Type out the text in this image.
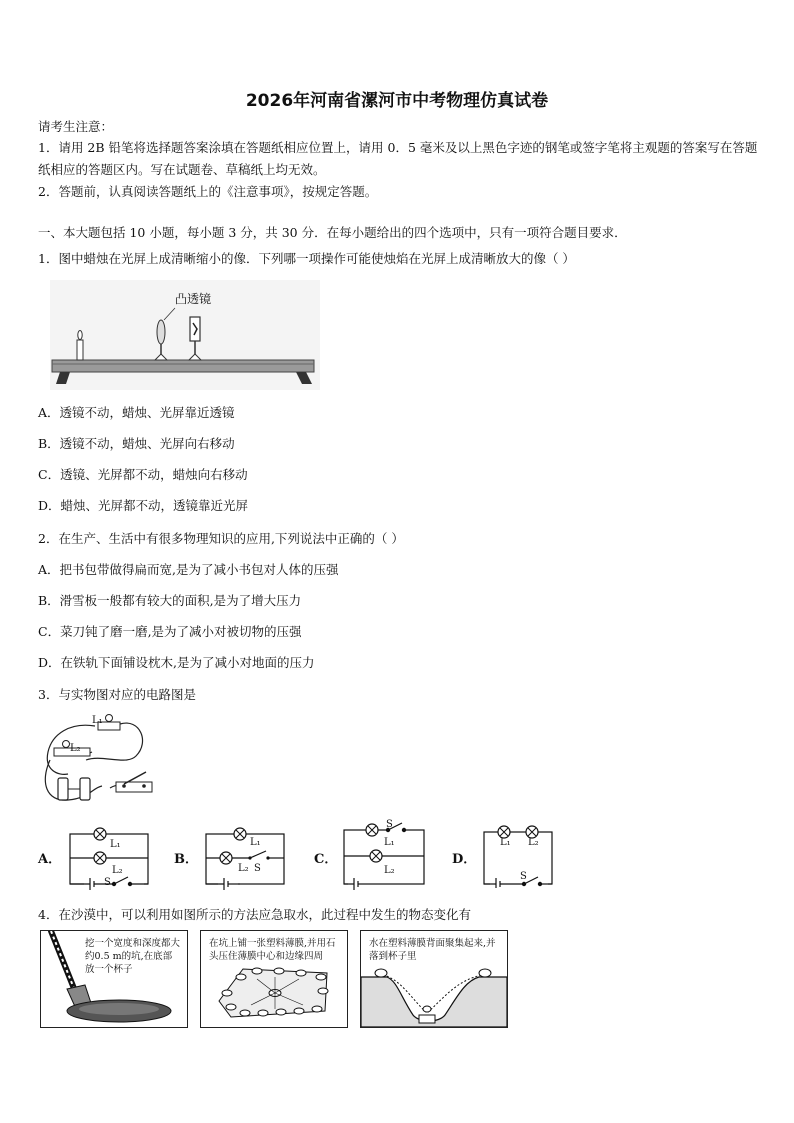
2026年河南省漯河市中考物理仿真试卷
请考生注意：
1．请用 2B 铅笔将选择题答案涂填在答题纸相应位置上，请用 0．5 毫米及以上黑色字迹的钢笔或签字笔将主观题的答案写在答题纸相应的答题区内。写在试题卷、草稿纸上均无效。
2．答题前，认真阅读答题纸上的《注意事项》，按规定答题。
一、本大题包括 10 小题，每小题 3 分，共 30 分．在每小题给出的四个选项中，只有一项符合题目要求．
1．图中蜡烛在光屏上成清晰缩小的像．下列哪一项操作可能使烛焰在光屏上成清晰放大的像（ ）
凸透镜
A．透镜不动，蜡烛、光屏靠近透镜
B．透镜不动，蜡烛、光屏向右移动
C．透镜、光屏都不动，蜡烛向右移动
D．蜡烛、光屏都不动，透镜靠近光屏
2．在生产、生活中有很多物理知识的应用,下列说法中正确的（ ）
A．把书包带做得扁而宽,是为了减小书包对人体的压强
B．滑雪板一般都有较大的面积,是为了增大压力
C．菜刀钝了磨一磨,是为了减小对被切物的压强
D．在铁轨下面铺设枕木,是为了减小对地面的压力
3．与实物图对应的电路图是
L₁
L₂
A．
L₁
L₂
S
B．
L₁
L₂ S
C．
S
L₁
L₂
D．
L₁ L₂
S
4．在沙漠中，可以利用如图所示的方法应急取水，此过程中发生的物态变化有
挖一个宽度和深度都大约0.5 m的坑,在底部放一个杯子
在坑上铺一张塑料薄膜,并用石头压住薄膜中心和边缘四周
水在塑料薄膜背面聚集起来,并落到杯子里
